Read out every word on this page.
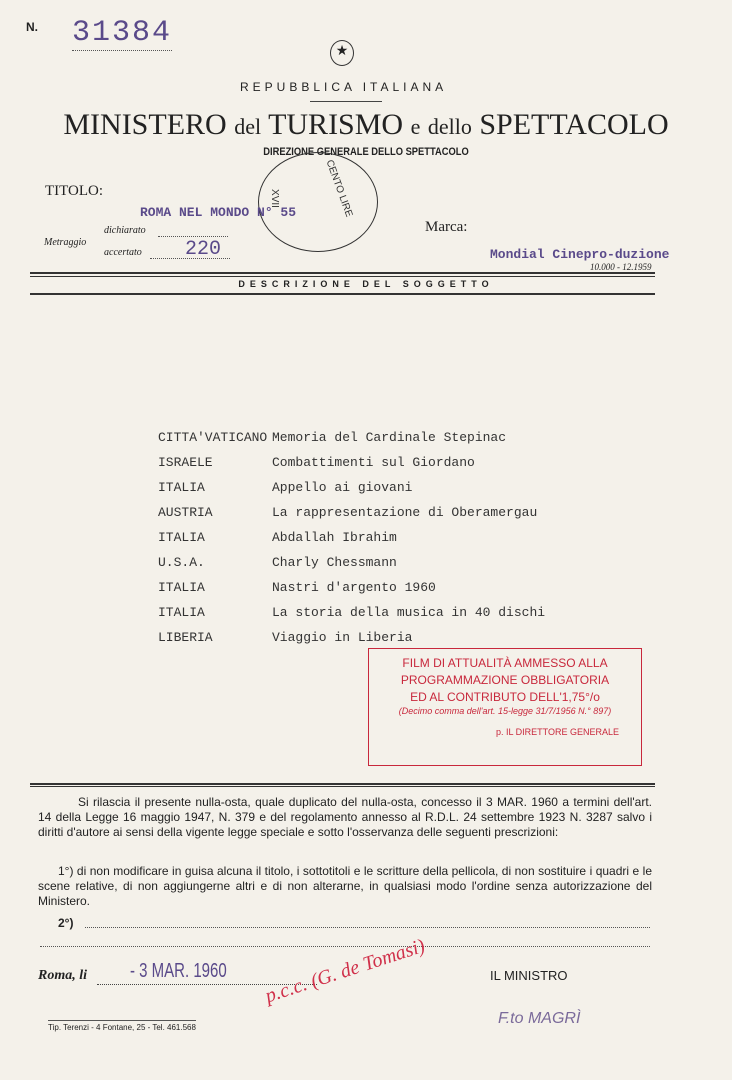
N. 31384
★
REPUBBLICA ITALIANA
MINISTERO del TURISMO e dello SPETTACOLO
DIREZIONE GENERALE DELLO SPETTACOLO
CENTO LIRE
XVII
TITOLO:
ROMA NEL MONDO N° 55
Metraggio
dichiarato
accertato 220
Marca:
Mondial Cinepro-duzione
10.000 - 12.1959
DESCRIZIONE DEL SOGGETTO
CITTA'VATICANO Memoria del Cardinale Stepinac
ISRAELE	Combattimenti sul Giordano
ITALIA	Appello ai giovani
AUSTRIA	La rappresentazione di Oberamergau
ITALIA	Abdallah Ibrahim
U.S.A.	Charly Chessmann
ITALIA	Nastri d'argento 1960
ITALIA	La storia della musica in 40 dischi
LIBERIA	Viaggio in Liberia
FILM DI ATTUALITÀ AMMESSO ALLA
PROGRAMMAZIONE OBBLIGATORIA
ED AL CONTRIBUTO DELL'1,75°/o
(Decimo comma dell'art. 15-legge 31/7/1956 N.° 897)
p. IL DIRETTORE GENERALE
Si rilascia il presente nulla-osta, quale duplicato del nulla-osta, concesso il 3 MAR. 1960 a termini dell'art. 14 della Legge 16 maggio 1947, N. 379 e del regolamento annesso al R.D.L. 24 settembre 1923 N. 3287 salvo i diritti d'autore ai sensi della vigente legge speciale e sotto l'osservanza delle seguenti prescrizioni:
1°) di non modificare in guisa alcuna il titolo, i sottotitoli e le scritture della pellicola, di non sostituire i quadri e le scene relative, di non aggiungerne altri e di non alterarne, in qualsiasi modo l'ordine senza autorizzazione del Ministero.
2°)
Roma, li - 3 MAR. 1960 p.c.c. (G. de Tomasi)	IL MINISTRO
F.to MAGRÌ
Tip. Terenzi - 4 Fontane, 25 - Tel. 461.568
